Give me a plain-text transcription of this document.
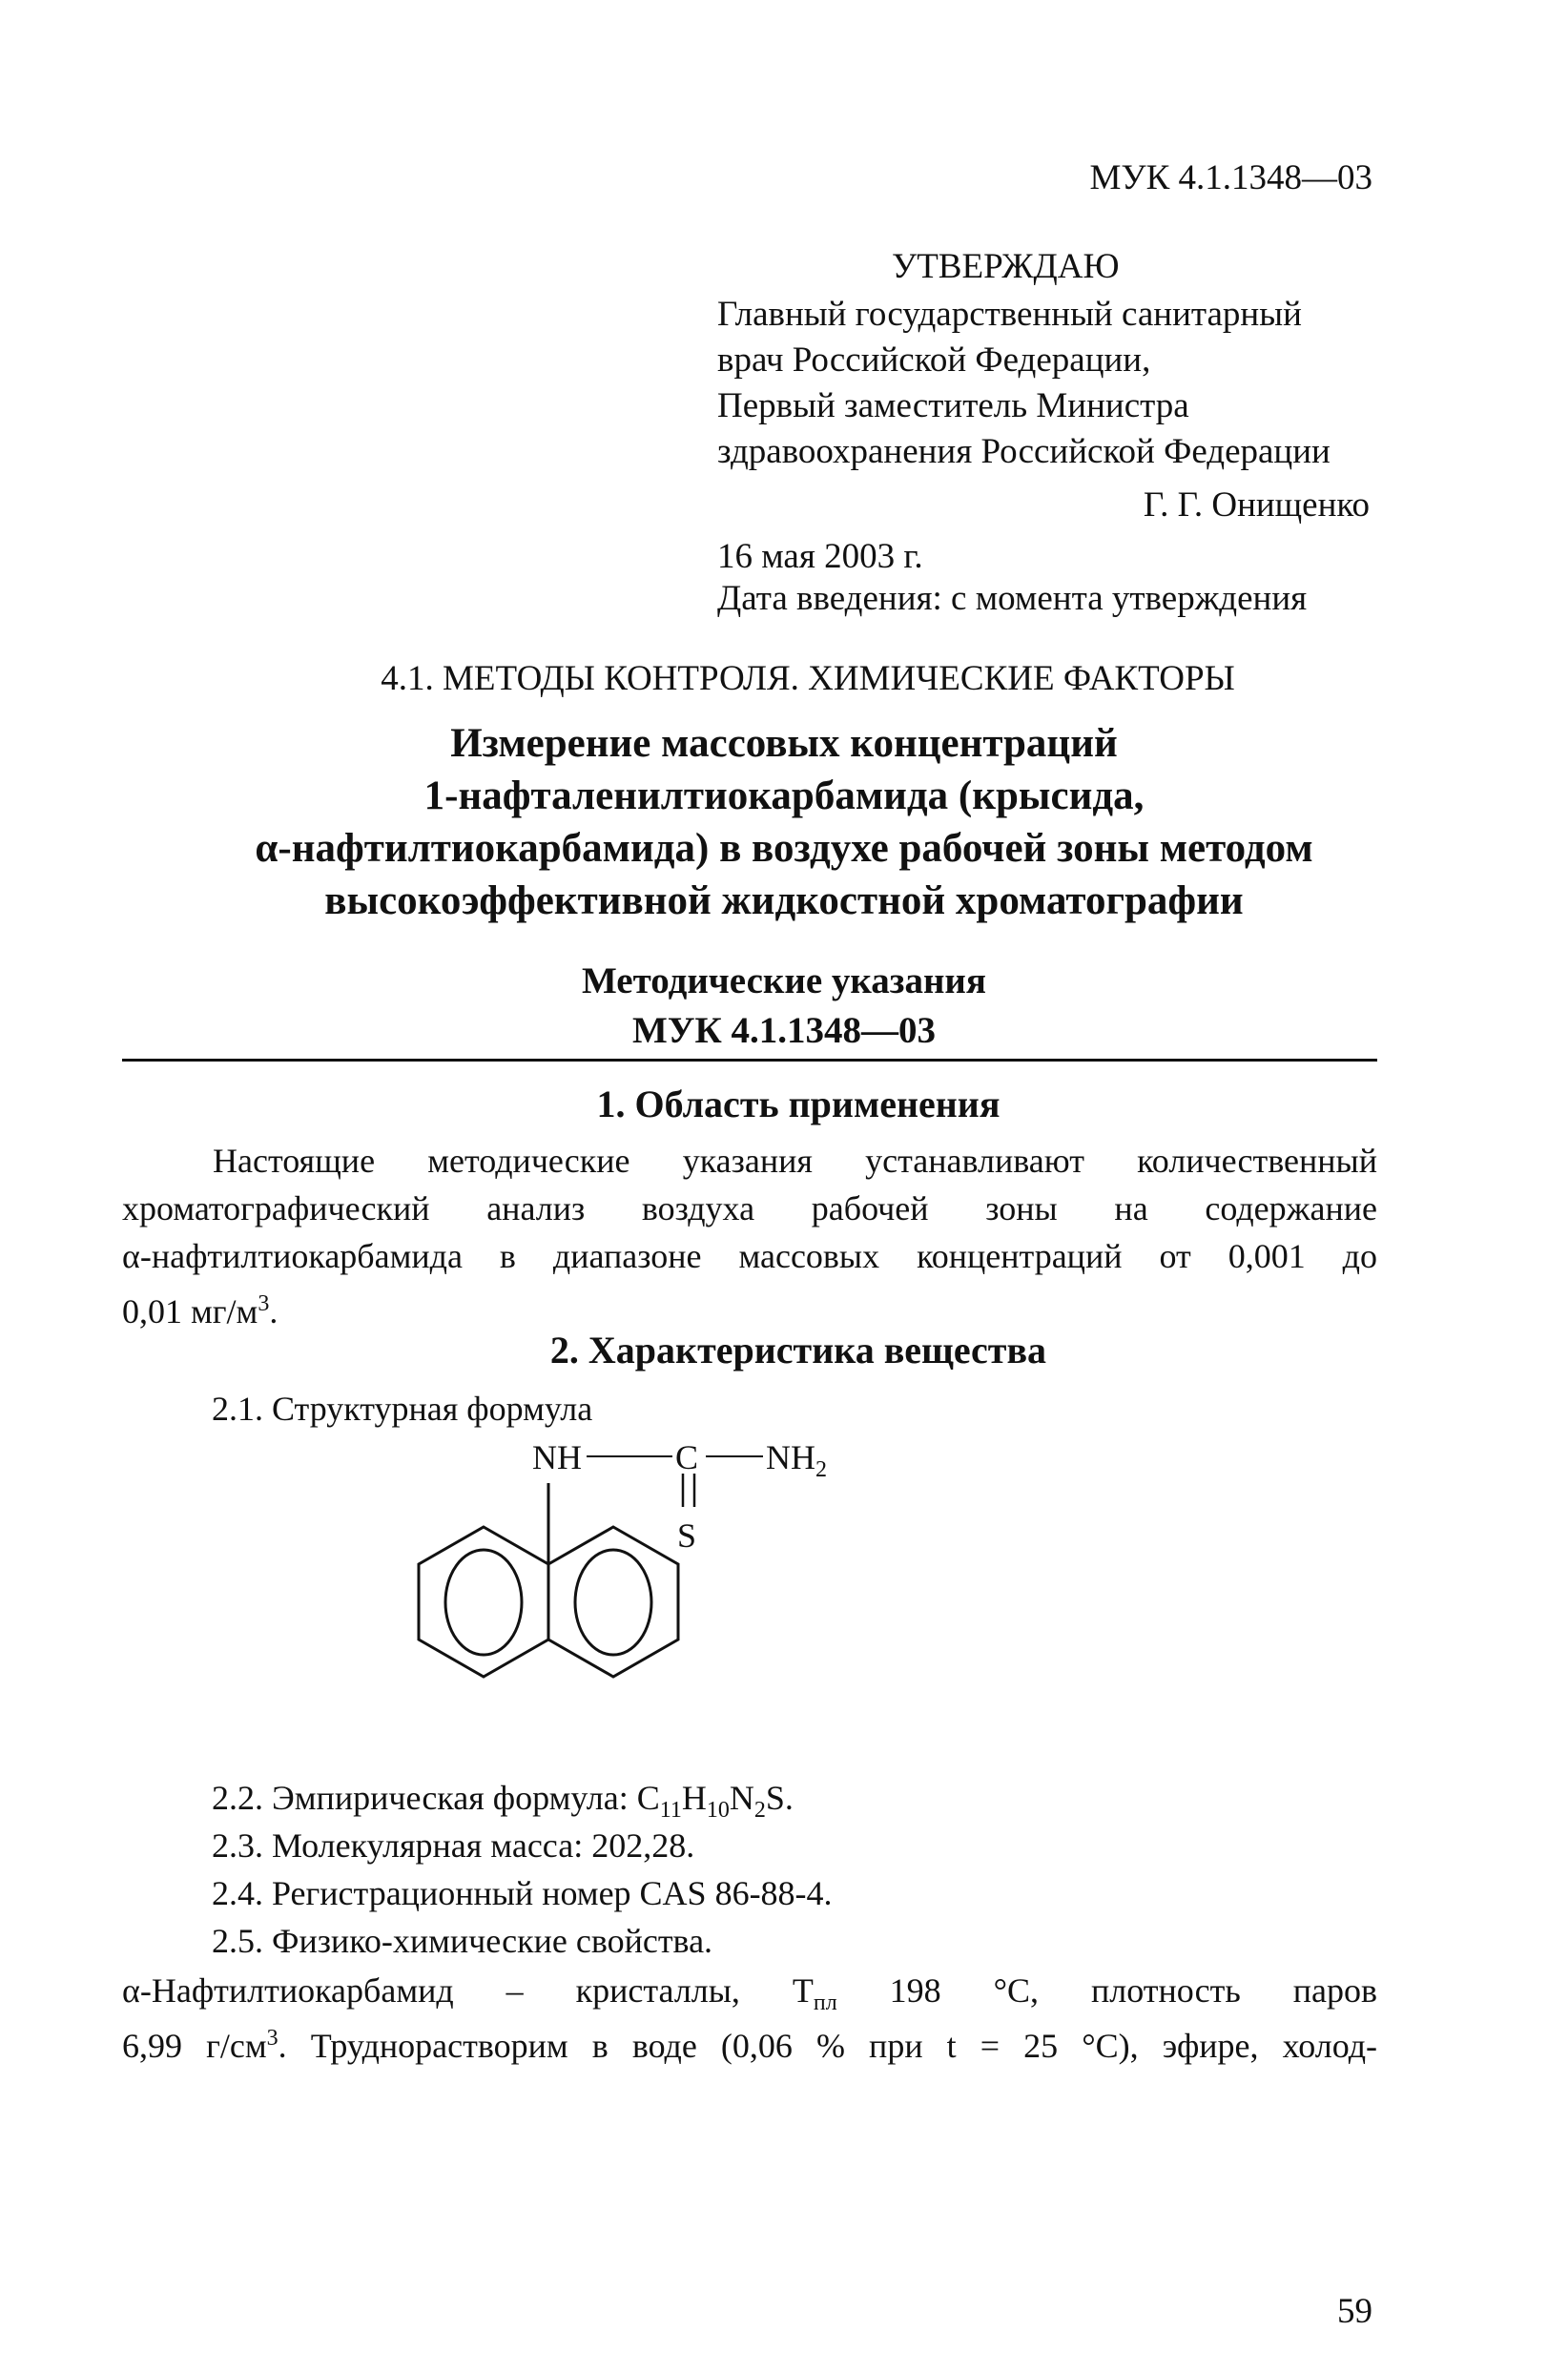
МУК 4.1.1348—03
УТВЕРЖДАЮ
Главный государственный санитарный
врач Российской Федерации,
Первый заместитель Министра
здравоохранения Российской Федерации
Г. Г. Онищенко
16 мая 2003 г.
Дата введения: с момента утверждения
4.1. МЕТОДЫ КОНТРОЛЯ. ХИМИЧЕСКИЕ ФАКТОРЫ
Измерение массовых концентраций
1-нафталенилтиокарбамида (крысида,
α-нафтилтиокарбамида) в воздухе рабочей зоны методом
высокоэффективной жидкостной хроматографии
Методические указания
МУК 4.1.1348—03
1. Область применения
Настоящие методические указания устанавливают количественный
хроматографический анализ воздуха рабочей зоны на содержание
α-нафтилтиокарбамида в диапазоне массовых концентраций от 0,001 до
0,01 $мг/м^3$.
2. Характеристика вещества
2.1. Структурная формула
NH	C $NH_2$
S
2.2. Эмпирическая формула: $C_{11}H_{10}N_2S$.
2.3. Молекулярная масса: 202,28.
2.4. Регистрационный номер CAS 86-88-4.
2.5. Физико-химические свойства.
α-Нафтилтиокарбамид – кристаллы, $Т_{пл}$ 198 °С, плотность паров
6,99 $г/см^3$. Труднорастворим в воде (0,06 % при t = 25 °С), эфире, холод-
59
